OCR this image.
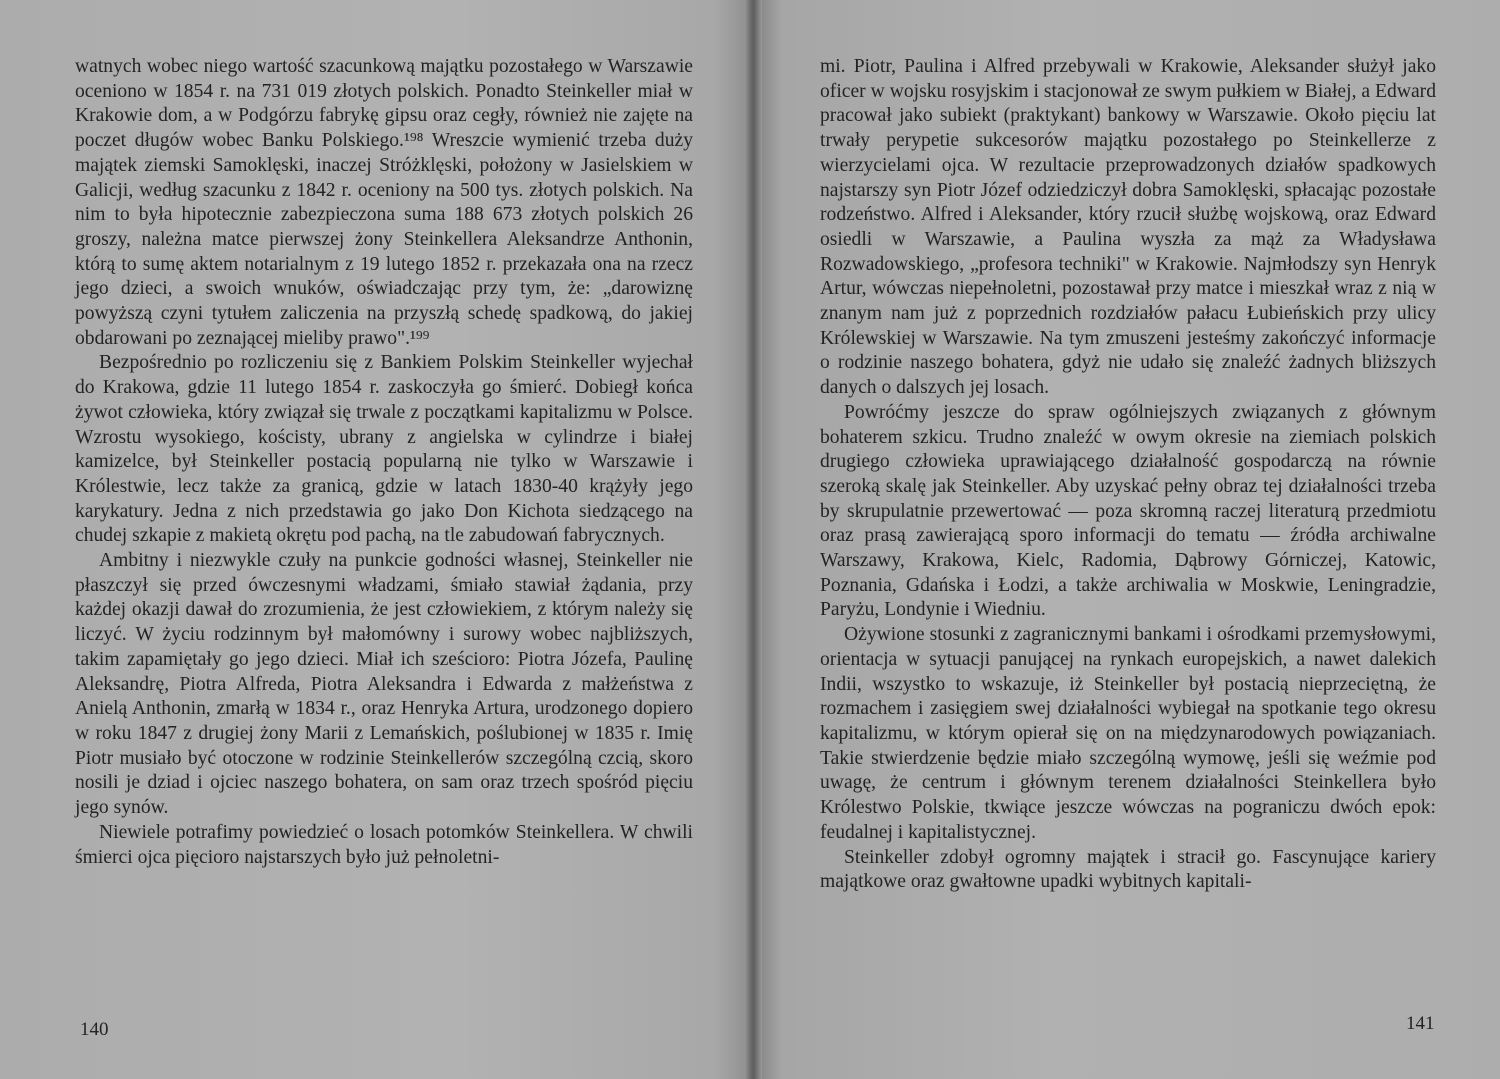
watnych wobec niego wartość szacunkową majątku pozostałego w Warszawie oceniono w 1854 r. na 731 019 złotych polskich. Ponadto Steinkeller miał w Krakowie dom, a w Podgórzu fabrykę gipsu oraz cegły, również nie zajęte na poczet długów wobec Banku Polskiego.¹⁹⁸ Wreszcie wymienić trzeba duży majątek ziemski Samoklęski, inaczej Stróżklęski, położony w Jasielskiem w Galicji, według szacunku z 1842 r. oceniony na 500 tys. złotych polskich. Na nim to była hipotecznie zabezpieczona suma 188 673 złotych polskich 26 groszy, należna matce pierwszej żony Steinkellera Aleksandrze Anthonin, którą to sumę aktem notarialnym z 19 lutego 1852 r. przekazała ona na rzecz jego dzieci, a swoich wnuków, oświadczając przy tym, że: „darowiznę powyższą czyni tytułem zaliczenia na przyszłą schedę spadkową, do jakiej obdarowani po zeznającej mieliby prawo".¹⁹⁹

Bezpośrednio po rozliczeniu się z Bankiem Polskim Steinkeller wyjechał do Krakowa, gdzie 11 lutego 1854 r. zaskoczyła go śmierć. Dobiegł końca żywot człowieka, który związał się trwale z początkami kapitalizmu w Polsce. Wzrostu wysokiego, kościsty, ubrany z angielska w cylindrze i białej kamizelce, był Steinkeller postacią popularną nie tylko w Warszawie i Królestwie, lecz także za granicą, gdzie w latach 1830-40 krążyły jego karykatury. Jedna z nich przedstawia go jako Don Kichota siedzącego na chudej szkapie z makietą okrętu pod pachą, na tle zabudowań fabrycznych.

Ambitny i niezwykle czuły na punkcie godności własnej, Steinkeller nie płaszczył się przed ówczesnymi władzami, śmiało stawiał żądania, przy każdej okazji dawał do zrozumienia, że jest człowiekiem, z którym należy się liczyć. W życiu rodzinnym był małomówny i surowy wobec najbliższych, takim zapamiętały go jego dzieci. Miał ich sześcioro: Piotra Józefa, Paulinę Aleksandrę, Piotra Alfreda, Piotra Aleksandra i Edwarda z małżeństwa z Anielą Anthonin, zmarłą w 1834 r., oraz Henryka Artura, urodzonego dopiero w roku 1847 z drugiej żony Marii z Lemańskich, poślubionej w 1835 r. Imię Piotr musiało być otoczone w rodzinie Steinkellerów szczególną czcią, skoro nosili je dziad i ojciec naszego bohatera, on sam oraz trzech spośród pięciu jego synów.

Niewiele potrafimy powiedzieć o losach potomków Steinkellera. W chwili śmierci ojca pięcioro najstarszych było już pełnoletni-

140

mi. Piotr, Paulina i Alfred przebywali w Krakowie, Aleksander służył jako oficer w wojsku rosyjskim i stacjonował ze swym pułkiem w Białej, a Edward pracował jako subiekt (praktykant) bankowy w Warszawie. Około pięciu lat trwały perypetie sukcesorów majątku pozostałego po Steinkellerze z wierzycielami ojca. W rezultacie przeprowadzonych działów spadkowych najstarszy syn Piotr Józef odziedziczył dobra Samoklęski, spłacając pozostałe rodzeństwo. Alfred i Aleksander, który rzucił służbę wojskową, oraz Edward osiedli w Warszawie, a Paulina wyszła za mąż za Władysława Rozwadowskiego, „profesora techniki" w Krakowie. Najmłodszy syn Henryk Artur, wówczas niepełnoletni, pozostawał przy matce i mieszkał wraz z nią w znanym nam już z poprzednich rozdziałów pałacu Łubieńskich przy ulicy Królewskiej w Warszawie. Na tym zmuszeni jesteśmy zakończyć informacje o rodzinie naszego bohatera, gdyż nie udało się znaleźć żadnych bliższych danych o dalszych jej losach.

Powróćmy jeszcze do spraw ogólniejszych związanych z głównym bohaterem szkicu. Trudno znaleźć w owym okresie na ziemiach polskich drugiego człowieka uprawiającego działalność gospodarczą na równie szeroką skalę jak Steinkeller. Aby uzyskać pełny obraz tej działalności trzeba by skrupulatnie przewertować — poza skromną raczej literaturą przedmiotu oraz prasą zawierającą sporo informacji do tematu — źródła archiwalne Warszawy, Krakowa, Kielc, Radomia, Dąbrowy Górniczej, Katowic, Poznania, Gdańska i Łodzi, a także archiwalia w Moskwie, Leningradzie, Paryżu, Londynie i Wiedniu.

Ożywione stosunki z zagranicznymi bankami i ośrodkami przemysłowymi, orientacja w sytuacji panującej na rynkach europejskich, a nawet dalekich Indii, wszystko to wskazuje, iż Steinkeller był postacią nieprzeciętną, że rozmachem i zasięgiem swej działalności wybiegał na spotkanie tego okresu kapitalizmu, w którym opierał się on na międzynarodowych powiązaniach. Takie stwierdzenie będzie miało szczególną wymowę, jeśli się weźmie pod uwagę, że centrum i głównym terenem działalności Steinkellera było Królestwo Polskie, tkwiące jeszcze wówczas na pograniczu dwóch epok: feudalnej i kapitalistycznej.

Steinkeller zdobył ogromny majątek i stracił go. Fascynujące kariery majątkowe oraz gwałtowne upadki wybitnych kapitali-

141
